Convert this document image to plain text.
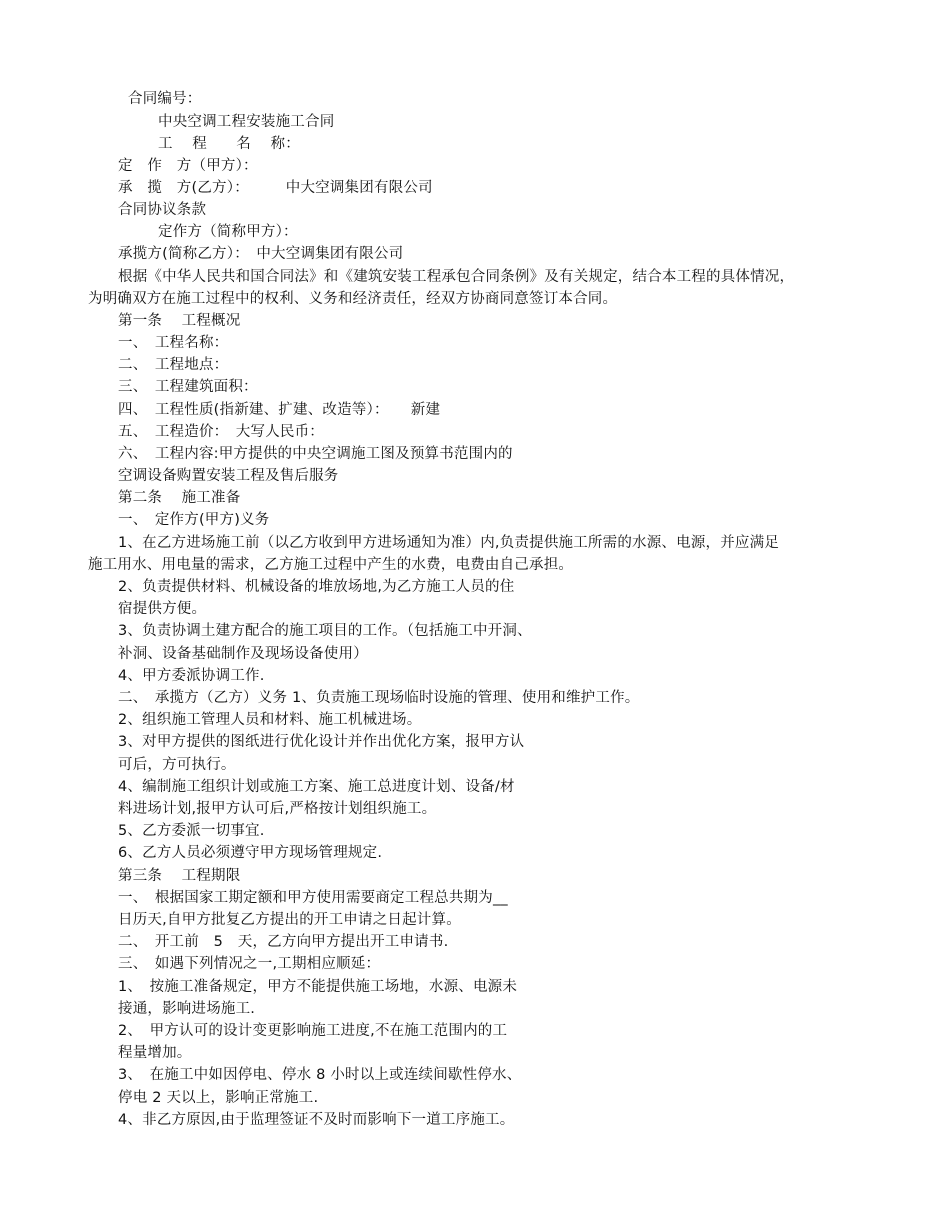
合同编号：
中央空调工程安装施工合同
工　 程　　名　 称：
定　作　方（甲方）：
承　揽　方(乙方）：　　　中大空调集团有限公司
合同协议条款
定作方（简称甲方）：
承揽方(简称乙方）：　中大空调集团有限公司
根据《中华人民共和国合同法》和《建筑安装工程承包合同条例》及有关规定，结合本工程的具体情况，
为明确双方在施工过程中的权利、义务和经济责任，经双方协商同意签订本合同。
第一条　 工程概况
一、　工程名称：
二、　工程地点：
三、　工程建筑面积：
四、　工程性质(指新建、扩建、改造等）：　　新建
五、　工程造价：　大写人民币：
六、　工程内容:甲方提供的中央空调施工图及预算书范围内的
空调设备购置安装工程及售后服务
第二条　 施工准备
一、　定作方(甲方)义务
1、在乙方进场施工前（以乙方收到甲方进场通知为准）内,负责提供施工所需的水源、电源，并应满足
施工用水、用电量的需求，乙方施工过程中产生的水费，电费由自己承担。
2、负责提供材料、机械设备的堆放场地,为乙方施工人员的住
宿提供方便。
3、负责协调土建方配合的施工项目的工作。（包括施工中开洞、
补洞、设备基础制作及现场设备使用）
4、甲方委派协调工作.
二、　承揽方（乙方）义务 1、负责施工现场临时设施的管理、使用和维护工作。
2、组织施工管理人员和材料、施工机械进场。
3、对甲方提供的图纸进行优化设计并作出优化方案，报甲方认
可后，方可执行。
4、编制施工组织计划或施工方案、施工总进度计划、设备/材
料进场计划,报甲方认可后,严格按计划组织施工。
5、乙方委派一切事宜.
6、乙方人员必须遵守甲方现场管理规定.
第三条　 工程期限
一、　根据国家工期定额和甲方使用需要商定工程总共期为__
日历天,自甲方批复乙方提出的开工申请之日起计算。
二、　开工前　5　天，乙方向甲方提出开工申请书.
三、　如遇下列情况之一,工期相应顺延：
1、　按施工准备规定，甲方不能提供施工场地，水源、电源未
接通，影响进场施工.
2、　甲方认可的设计变更影响施工进度,不在施工范围内的工
程量增加。
3、　在施工中如因停电、停水 8 小时以上或连续间歇性停水、
停电 2 天以上，影响正常施工.
4、非乙方原因,由于监理签证不及时而影响下一道工序施工。
